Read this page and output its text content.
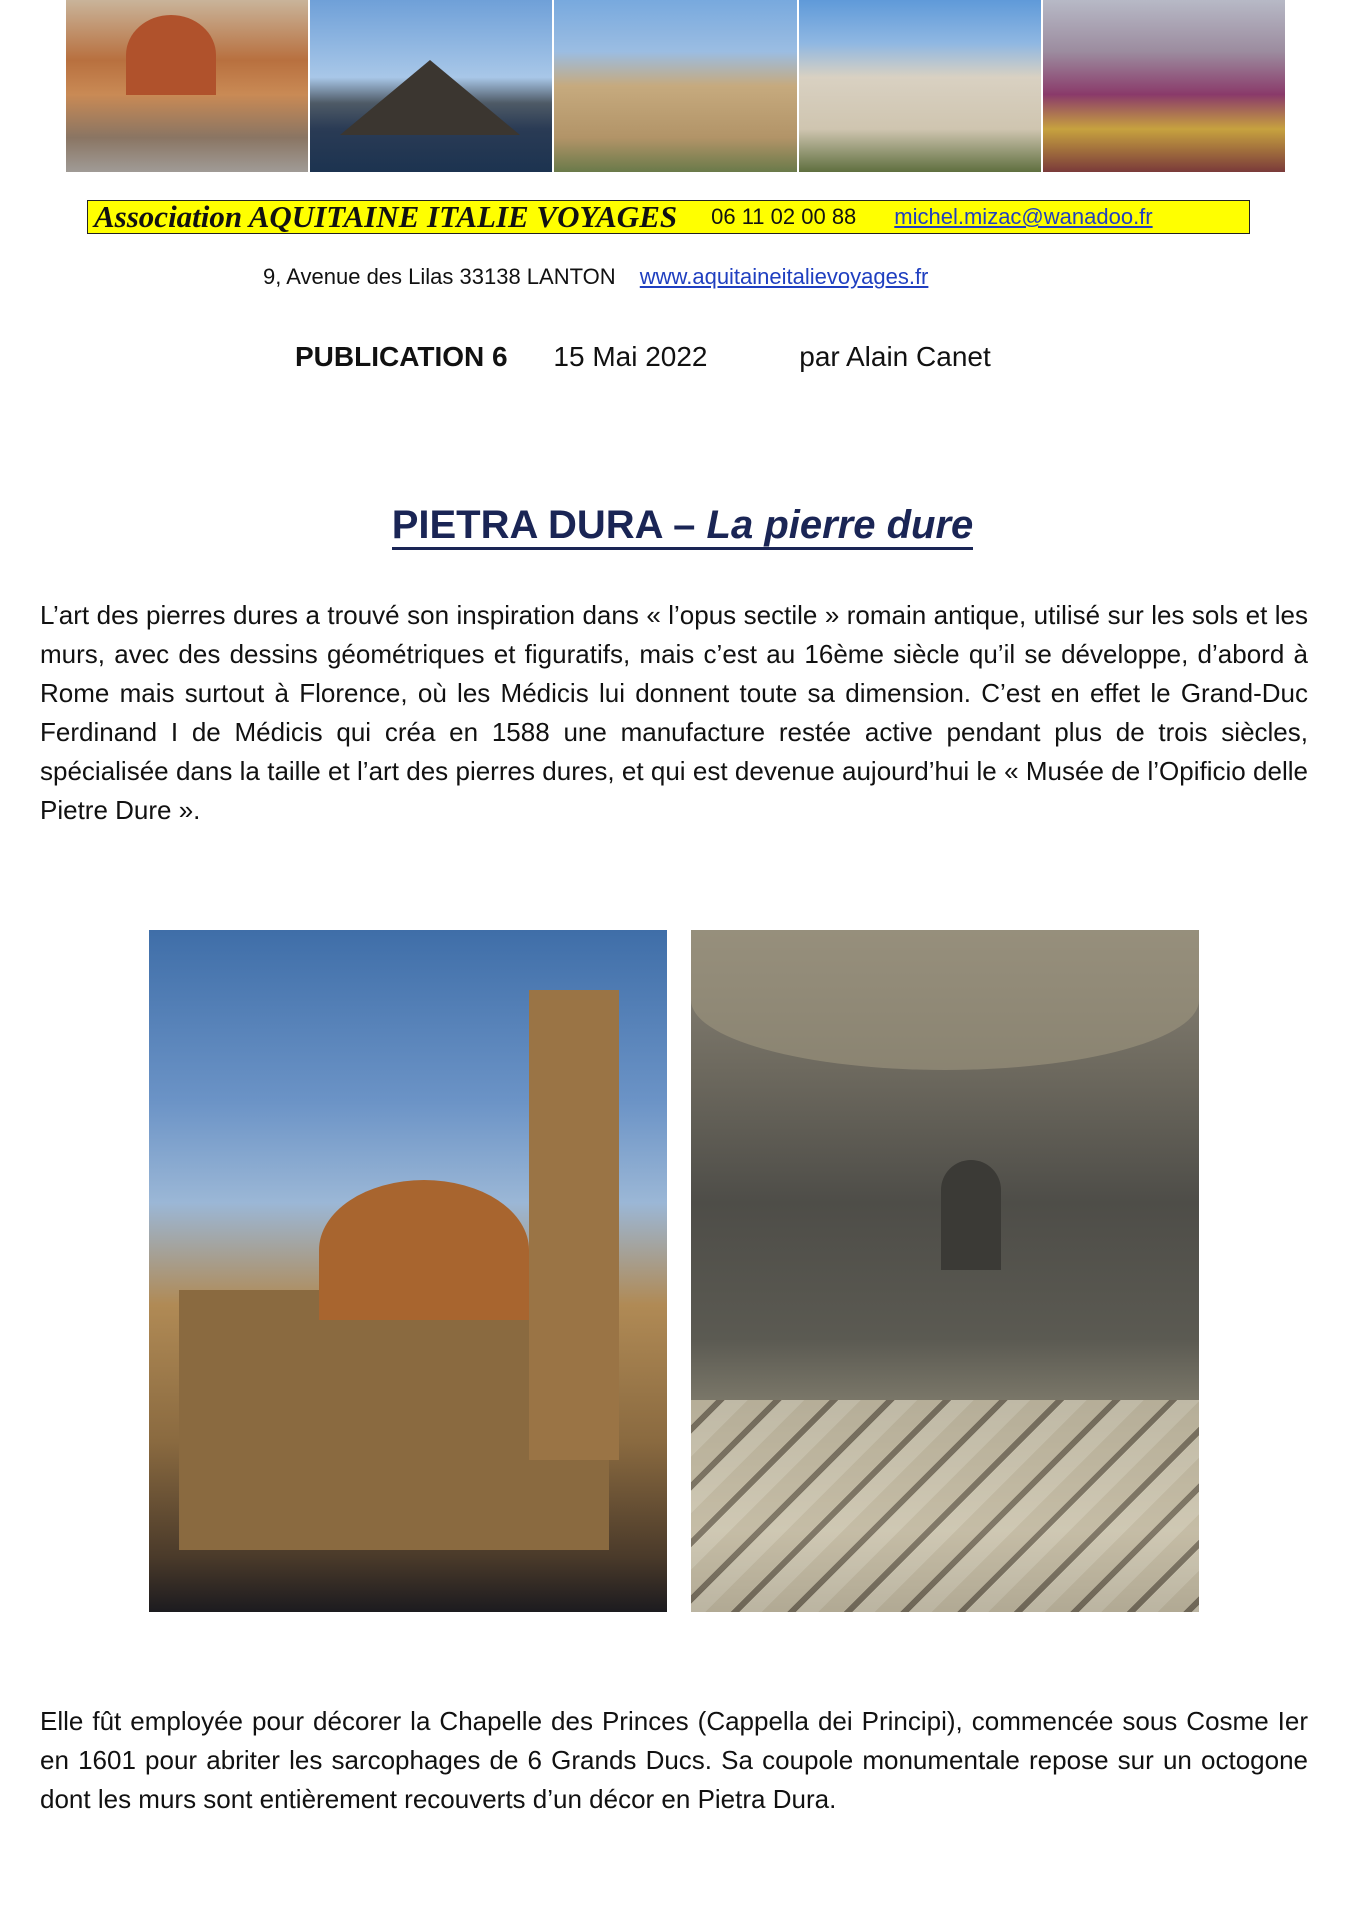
Association AQUITAINE ITALIE VOYAGES 06 11 02 00 88 michel.mizac@wanadoo.fr
9, Avenue des Lilas 33138 LANTON www.aquitaineitalievoyages.fr
PUBLICATION 6 15 Mai 2022	par Alain Canet
PIETRA DURA – La pierre dure

L’art des pierres dures a trouvé son inspiration dans « l’opus sectile » romain antique, utilisé sur les sols et les murs, avec des dessins géométriques et figuratifs, mais c’est au 16ème siècle qu’il se développe, d’abord à Rome mais surtout à Florence, où les Médicis lui donnent toute sa dimension. C’est en effet le Grand-Duc Ferdinand I de Médicis qui créa en 1588 une manufacture restée active pendant plus de trois siècles, spécialisée dans la taille et l’art des pierres dures, et qui est devenue aujourd’hui le « Musée de l’Opificio delle Pietre Dure ».

Elle fût employée pour décorer la Chapelle des Princes (Cappella dei Principi), commencée sous Cosme Ier en 1601 pour abriter les sarcophages de 6 Grands Ducs. Sa coupole monumentale repose sur un octogone dont les murs sont entièrement recouverts d’un décor en Pietra Dura.
